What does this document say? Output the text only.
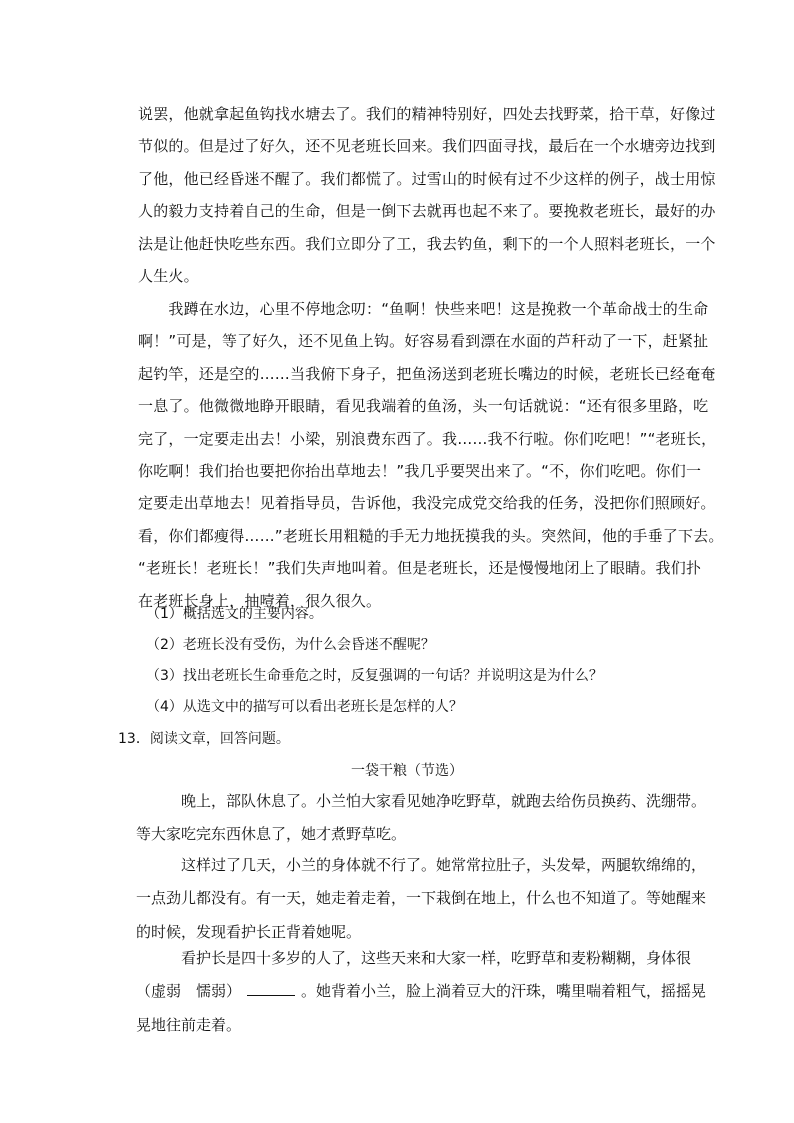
说罢，他就拿起鱼钩找水塘去了。我们的精神特别好，四处去找野菜，拾干草，好像过
节似的。但是过了好久，还不见老班长回来。我们四面寻找，最后在一个水塘旁边找到
了他，他已经昏迷不醒了。我们都慌了。过雪山的时候有过不少这样的例子，战士用惊
人的毅力支持着自己的生命，但是一倒下去就再也起不来了。要挽救老班长，最好的办
法是让他赶快吃些东西。我们立即分了工，我去钓鱼，剩下的一个人照料老班长，一个
人生火。
　　我蹲在水边，心里不停地念叨：“鱼啊！快些来吧！这是挽救一个革命战士的生命
啊！”可是，等了好久，还不见鱼上钩。好容易看到漂在水面的芦秆动了一下，赶紧扯
起钓竿，还是空的……当我俯下身子，把鱼汤送到老班长嘴边的时候，老班长已经奄奄
一息了。他微微地睁开眼睛，看见我端着的鱼汤，头一句话就说：“还有很多里路，吃
完了，一定要走出去！小梁，别浪费东西了。我……我不行啦。你们吃吧！”“老班长，
你吃啊！我们抬也要把你抬出草地去！”我几乎要哭出来了。“不，你们吃吧。你们一
定要走出草地去！见着指导员，告诉他，我没完成党交给我的任务，没把你们照顾好。
看，你们都瘦得……”老班长用粗糙的手无力地抚摸我的头。突然间，他的手垂了下去。
“老班长！老班长！”我们失声地叫着。但是老班长，还是慢慢地闭上了眼睛。我们扑
在老班长身上，抽噎着，很久很久。
（1）概括选文的主要内容。
（2）老班长没有受伤，为什么会昏迷不醒呢？
（3）找出老班长生命垂危之时，反复强调的一句话？并说明这是为什么？
（4）从选文中的描写可以看出老班长是怎样的人？
13．阅读文章，回答问题。
一袋干粮（节选）
　　　晚上，部队休息了。小兰怕大家看见她净吃野草，就跑去给伤员换药、洗绷带。
等大家吃完东西休息了，她才煮野草吃。
　　　这样过了几天，小兰的身体就不行了。她常常拉肚子，头发晕，两腿软绵绵的，
一点劲儿都没有。有一天，她走着走着，一下栽倒在地上，什么也不知道了。等她醒来
的时候，发现看护长正背着她呢。
　　　看护长是四十多岁的人了，这些天来和大家一样，吃野草和麦粉糊糊，身体很
（虚弱　懦弱）	。她背着小兰，脸上淌着豆大的汗珠，嘴里喘着粗气，摇摇晃
晃地往前走着。
